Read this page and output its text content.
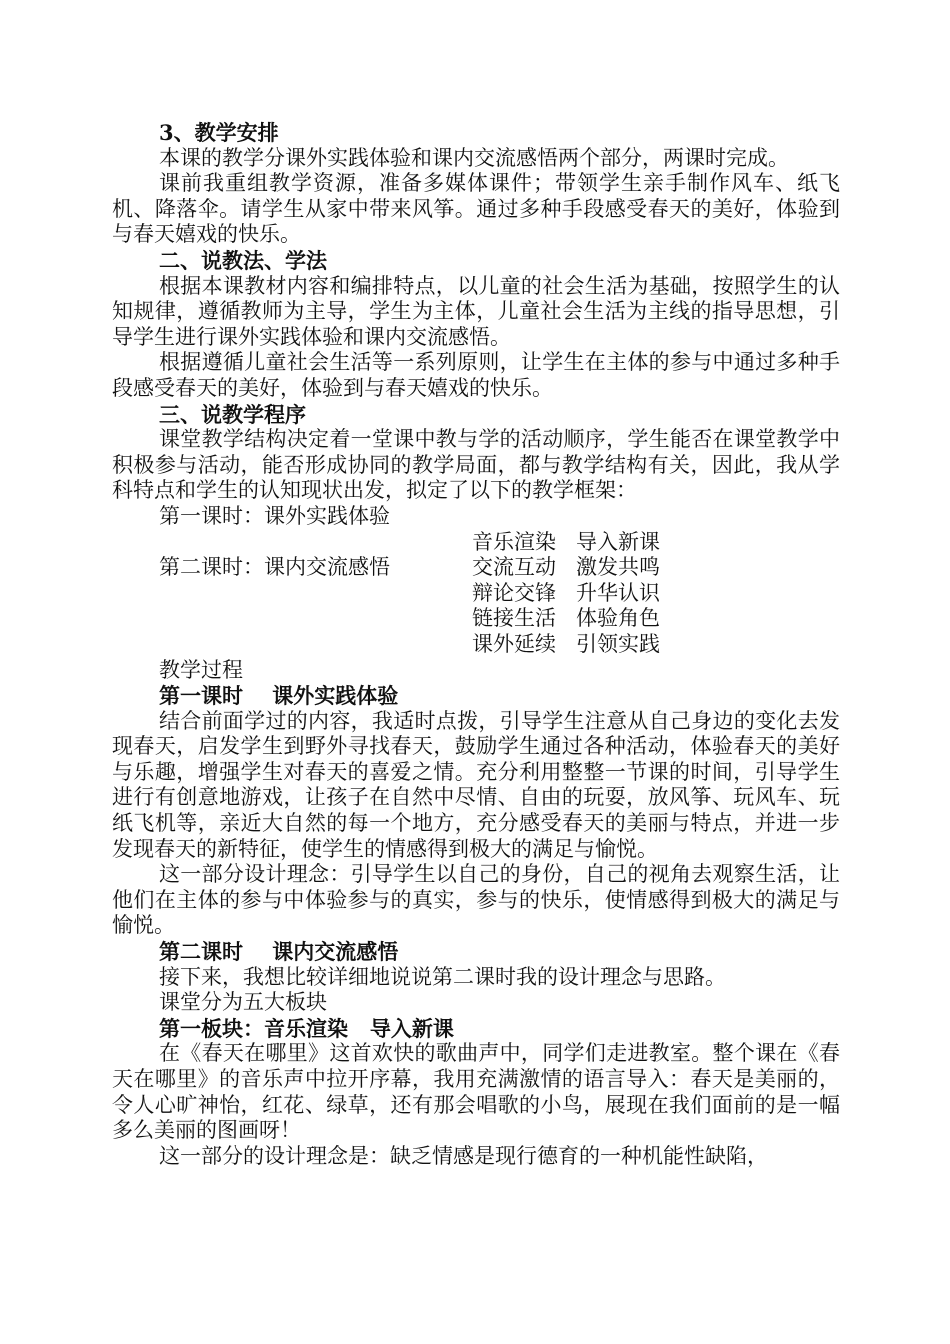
3、教学安排

本课的教学分课外实践体验和课内交流感悟两个部分，两课时完成。

课前我重组教学资源，准备多媒体课件；带领学生亲手制作风车、纸飞机、降落伞。请学生从家中带来风筝。通过多种手段感受春天的美好，体验到与春天嬉戏的快乐。

二、说教法、学法

根据本课教材内容和编排特点，以儿童的社会生活为基础，按照学生的认知规律，遵循教师为主导，学生为主体，儿童社会生活为主线的指导思想，引导学生进行课外实践体验和课内交流感悟。

根据遵循儿童社会生活等一系列原则，让学生在主体的参与中通过多种手段感受春天的美好，体验到与春天嬉戏的快乐。

三、说教学程序

课堂教学结构决定着一堂课中教与学的活动顺序，学生能否在课堂教学中积极参与活动，能否形成协同的教学局面，都与教学结构有关，因此，我从学科特点和学生的认知现状出发，拟定了以下的教学框架：

第一课时：课外实践体验
音乐渲染   导入新课
第二课时：课内交流感悟	交流互动   激发共鸣
辩论交锋   升华认识
链接生活   体验角色
课外延续   引领实践

教学过程

第一课时    课外实践体验

结合前面学过的内容，我适时点拨，引导学生注意从自己身边的变化去发现春天，启发学生到野外寻找春天，鼓励学生通过各种活动，体验春天的美好与乐趣，增强学生对春天的喜爱之情。充分利用整整一节课的时间，引导学生进行有创意地游戏，让孩子在自然中尽情、自由的玩耍，放风筝、玩风车、玩纸飞机等，亲近大自然的每一个地方，充分感受春天的美丽与特点，并进一步发现春天的新特征，使学生的情感得到极大的满足与愉悦。

这一部分设计理念：引导学生以自己的身份，自己的视角去观察生活，让他们在主体的参与中体验参与的真实，参与的快乐，使情感得到极大的满足与愉悦。

第二课时    课内交流感悟

接下来，我想比较详细地说说第二课时我的设计理念与思路。

课堂分为五大板块

第一板块：音乐渲染   导入新课

在《春天在哪里》这首欢快的歌曲声中，同学们走进教室。整个课在《春天在哪里》的音乐声中拉开序幕，我用充满激情的语言导入：春天是美丽的，令人心旷神怡，红花、绿草，还有那会唱歌的小鸟，展现在我们面前的是一幅多么美丽的图画呀！

这一部分的设计理念是：缺乏情感是现行德育的一种机能性缺陷，
